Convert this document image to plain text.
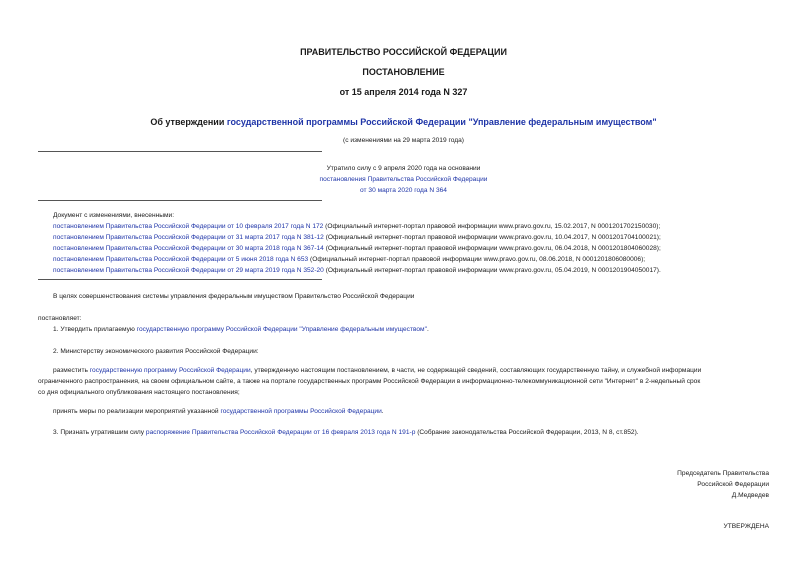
ПРАВИТЕЛЬСТВО РОССИЙСКОЙ ФЕДЕРАЦИИ
ПОСТАНОВЛЕНИЕ
от 15 апреля 2014 года N 327
Об утверждении государственной программы Российской Федерации "Управление федеральным имуществом"
(с изменениями на 29 марта 2019 года)
Утратило силу с 9 апреля 2020 года на основании
постановления Правительства Российской Федерации
от 30 марта 2020 года N 364
Документ с изменениями, внесенными:

постановлением Правительства Российской Федерации от 10 февраля 2017 года N 172 (Официальный интернет-портал правовой информации www.pravo.gov.ru, 15.02.2017, N 0001201702150030);

постановлением Правительства Российской Федерации от 31 марта 2017 года N 381-12 (Официальный интернет-портал правовой информации www.pravo.gov.ru, 10.04.2017, N 0001201704100021);

постановлением Правительства Российской Федерации от 30 марта 2018 года N 367-14 (Официальный интернет-портал правовой информации www.pravo.gov.ru, 06.04.2018, N 0001201804060028);

постановлением Правительства Российской Федерации от 5 июня 2018 года N 653 (Официальный интернет-портал правовой информации www.pravo.gov.ru, 08.06.2018, N 0001201806080006);

постановлением Правительства Российской Федерации от 29 марта 2019 года N 352-20 (Официальный интернет-портал правовой информации www.pravo.gov.ru, 05.04.2019, N 0001201904050017).

В целях совершенствования системы управления федеральным имуществом Правительство Российской Федерации
постановляет:
1. Утвердить прилагаемую государственную программу Российской Федерации "Управление федеральным имуществом".
2. Министерству экономического развития Российской Федерации:

разместить государственную программу Российской Федерации, утвержденную настоящим постановлением, в части, не содержащей сведений, составляющих государственную тайну, и служебной информации

ограниченного распространения, на своем официальном сайте, а также на портале государственных программ Российской Федерации в информационно-телекоммуникационной сети "Интернет" в 2-недельный срок

со дня официального опубликования настоящего постановления;

принять меры по реализации мероприятий указанной государственной программы Российской Федерации.
3. Признать утратившим силу распоряжение Правительства Российской Федерации от 16 февраля 2013 года N 191-р (Собрание законодательства Российской Федерации, 2013, N 8, ст.852).

Председатель Правительства

Российской Федерации

Д.Медведев

УТВЕРЖДЕНА
